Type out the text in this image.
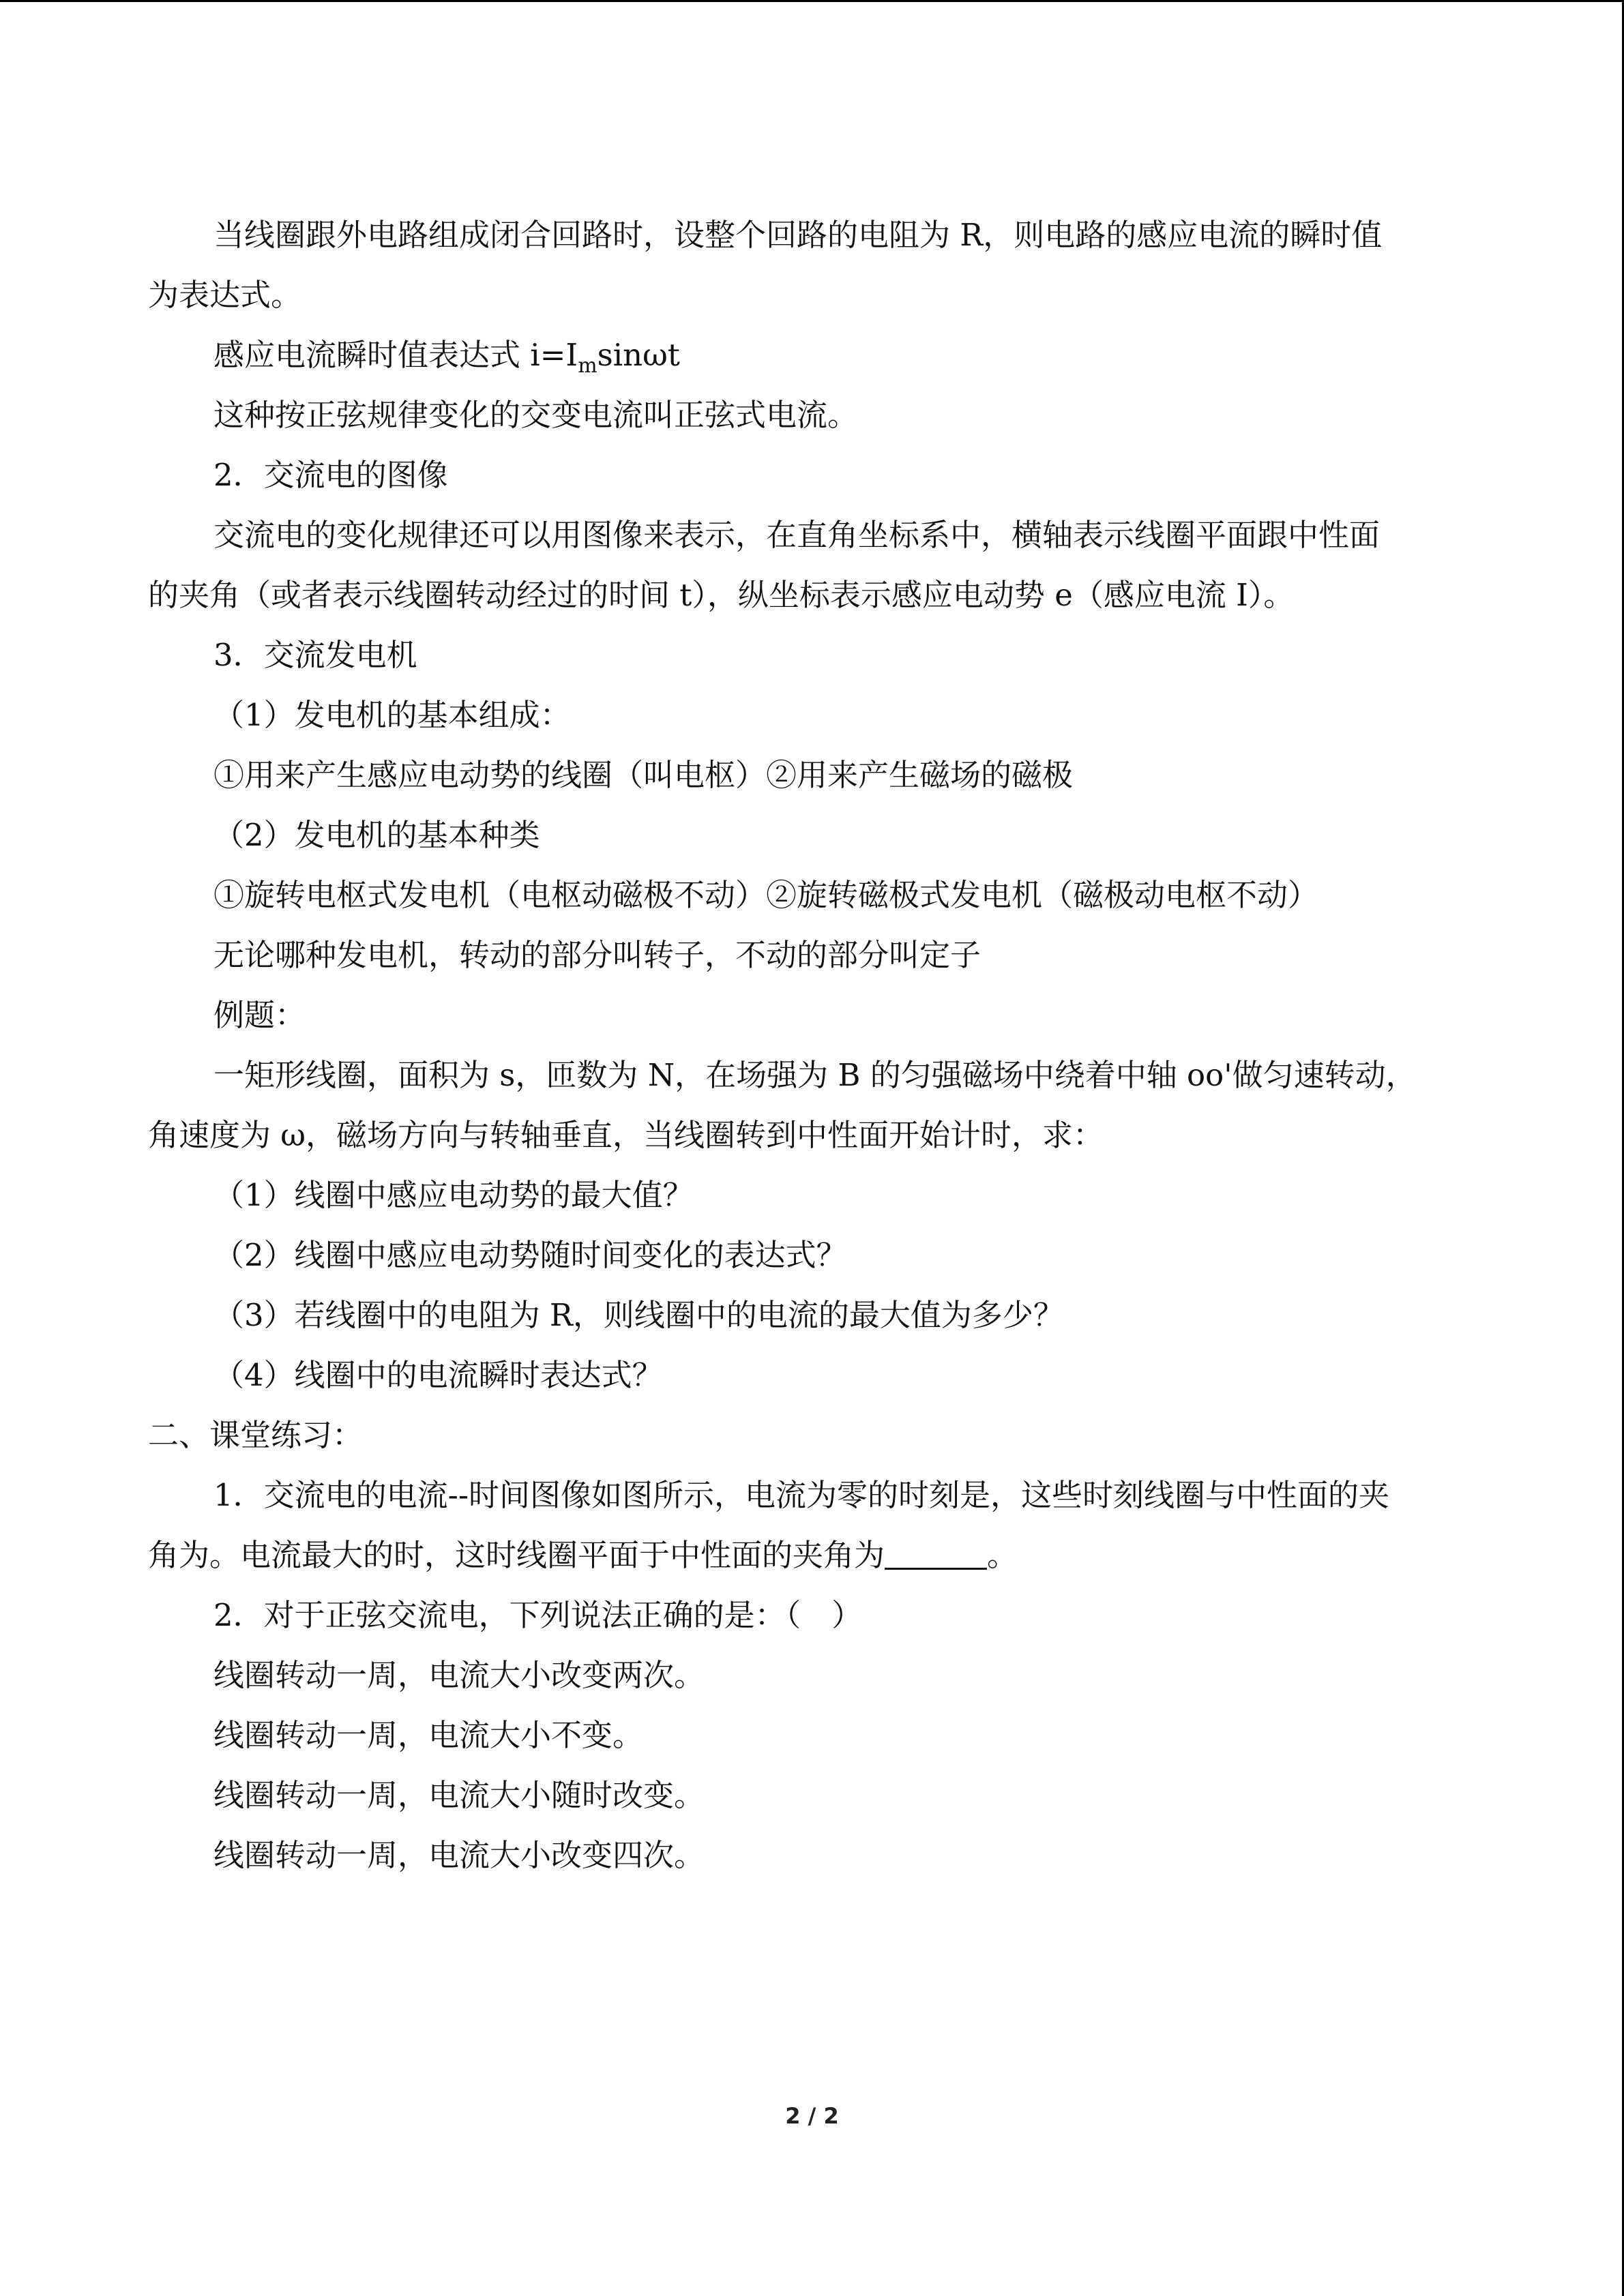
当线圈跟外电路组成闭合回路时，设整个回路的电阻为 R，则电路的感应电流的瞬时值
为表达式。
感应电流瞬时值表达式 $i=I_m\sin\omega t$
这种按正弦规律变化的交变电流叫正弦式电流。
2．交流电的图像
交流电的变化规律还可以用图像来表示，在直角坐标系中，横轴表示线圈平面跟中性面
的夹角（或者表示线圈转动经过的时间 t），纵坐标表示感应电动势 e（感应电流 I）。
3．交流发电机
（1）发电机的基本组成：
①用来产生感应电动势的线圈（叫电枢）②用来产生磁场的磁极
（2）发电机的基本种类
①旋转电枢式发电机（电枢动磁极不动）②旋转磁极式发电机（磁极动电枢不动）
无论哪种发电机，转动的部分叫转子，不动的部分叫定子
例题：
一矩形线圈，面积为 s，匝数为 N，在场强为 B 的匀强磁场中绕着中轴 oo'做匀速转动，
角速度为 ω，磁场方向与转轴垂直，当线圈转到中性面开始计时，求：
（1）线圈中感应电动势的最大值？
（2）线圈中感应电动势随时间变化的表达式？
（3）若线圈中的电阻为 R，则线圈中的电流的最大值为多少？
（4）线圈中的电流瞬时表达式？
二、课堂练习：
1．交流电的电流--时间图像如图所示，电流为零的时刻是，这些时刻线圈与中性面的夹
角为。电流最大的时，这时线圈平面于中性面的夹角为	。
2．对于正弦交流电，下列说法正确的是：（　）
线圈转动一周，电流大小改变两次。
线圈转动一周，电流大小不变。
线圈转动一周，电流大小随时改变。
线圈转动一周，电流大小改变四次。
2 / 2
